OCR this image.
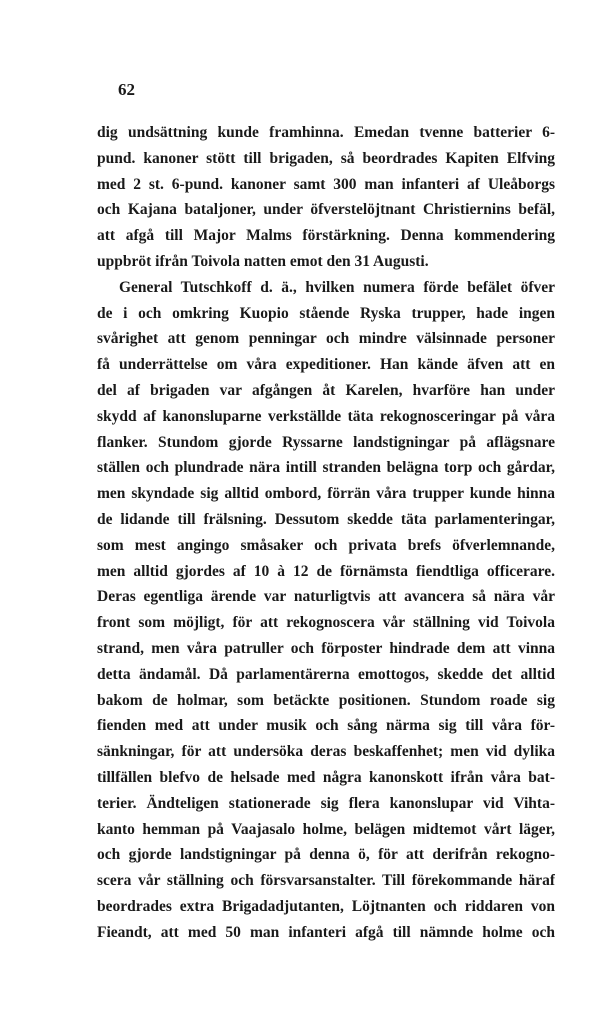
62
dig undsättning kunde framhinna. Emedan tvenne batterier 6-
pund. kanoner stött till brigaden, så beordrades Kapiten Elfving
med 2 st. 6-pund. kanoner samt 300 man infanteri af Uleåborgs
och Kajana bataljoner, under öfverstelöjtnant Christiernins befäl,
att afgå till Major Malms förstärkning. Denna kommendering
uppbröt ifrån Toivola natten emot den 31 Augusti.
General Tutschkoff d. ä., hvilken numera förde befälet öfver
de i och omkring Kuopio stående Ryska trupper, hade ingen
svårighet att genom penningar och mindre välsinnade personer
få underrättelse om våra expeditioner. Han kände äfven att en
del af brigaden var afgången åt Karelen, hvarföre han under
skydd af kanonsluparne verkställde täta rekognosceringar på våra
flanker. Stundom gjorde Ryssarne landstigningar på aflägsnare
ställen och plundrade nära intill stranden belägna torp och gårdar,
men skyndade sig alltid ombord, förrän våra trupper kunde hinna
de lidande till frälsning. Dessutom skedde täta parlamenteringar,
som mest angingo småsaker och privata brefs öfverlemnande,
men alltid gjordes af 10 à 12 de förnämsta fiendtliga officerare.
Deras egentliga ärende var naturligtvis att avancera så nära vår
front som möjligt, för att rekognoscera vår ställning vid Toivola
strand, men våra patruller och förposter hindrade dem att vinna
detta ändamål. Då parlamentärerna emottogos, skedde det alltid
bakom de holmar, som betäckte positionen. Stundom roade sig
fienden med att under musik och sång närma sig till våra för-
sänkningar, för att undersöka deras beskaffenhet; men vid dylika
tillfällen blefvo de helsade med några kanonskott ifrån våra bat-
terier. Ändteligen stationerade sig flera kanonslupar vid Vihta-
kanto hemman på Vaajasalo holme, belägen midtemot vårt läger,
och gjorde landstigningar på denna ö, för att derifrån rekogno-
scera vår ställning och försvarsanstalter. Till förekommande häraf
beordrades extra Brigadadjutanten, Löjtnanten och riddaren von
Fieandt, att med 50 man infanteri afgå till nämnde holme och
